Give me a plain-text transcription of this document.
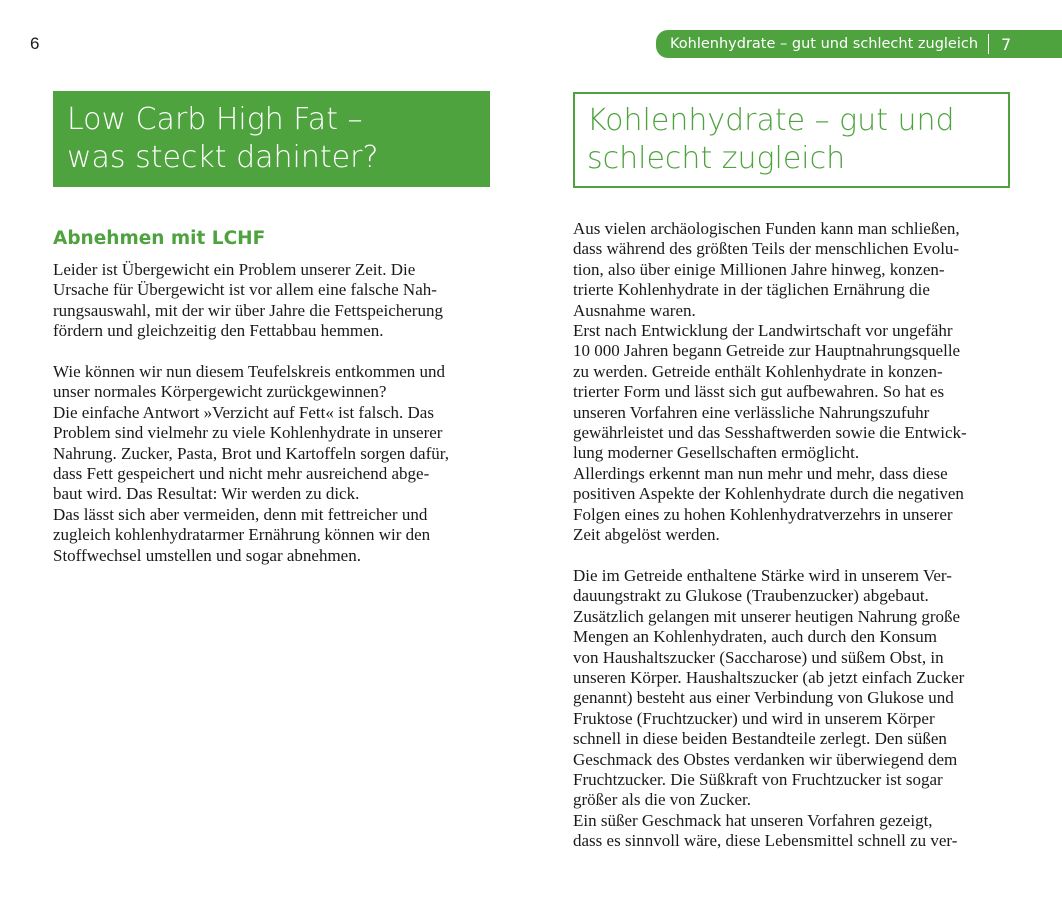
6	Kohlenhydrate – gut und schlecht zugleich	7
Low Carb High Fat –
was steckt dahinter?
Kohlenhydrate – gut und
schlecht zugleich
Abnehmen mit LCHF
Leider ist Übergewicht ein Problem unserer Zeit. Die
Ursache für Übergewicht ist vor allem eine falsche Nah-
rungsauswahl, mit der wir über Jahre die Fettspeicherung
fördern und gleichzeitig den Fettabbau hemmen.
Wie können wir nun diesem Teufelskreis entkommen und
unser normales Körpergewicht zurückgewinnen?
Die einfache Antwort »Verzicht auf Fett« ist falsch. Das
Problem sind vielmehr zu viele Kohlenhydrate in unserer
Nahrung. Zucker, Pasta, Brot und Kartoffeln sorgen dafür,
dass Fett gespeichert und nicht mehr ausreichend abge-
baut wird. Das Resultat: Wir werden zu dick.
Das lässt sich aber vermeiden, denn mit fettreicher und
zugleich kohlenhydratarmer Ernährung können wir den
Stoffwechsel umstellen und sogar abnehmen.
Aus vielen archäologischen Funden kann man schließen,
dass während des größten Teils der menschlichen Evolu-
tion, also über einige Millionen Jahre hinweg, konzen-
trierte Kohlenhydrate in der täglichen Ernährung die
Ausnahme waren.
Erst nach Entwicklung der Landwirtschaft vor ungefähr
10 000 Jahren begann Getreide zur Hauptnahrungsquelle
zu werden. Getreide enthält Kohlenhydrate in konzen-
trierter Form und lässt sich gut aufbewahren. So hat es
unseren Vorfahren eine verlässliche Nahrungszufuhr
gewährleistet und das Sesshaftwerden sowie die Entwick-
lung moderner Gesellschaften ermöglicht.
Allerdings erkennt man nun mehr und mehr, dass diese
positiven Aspekte der Kohlenhydrate durch die negativen
Folgen eines zu hohen Kohlenhydratverzehrs in unserer
Zeit abgelöst werden.
Die im Getreide enthaltene Stärke wird in unserem Ver-
dauungstrakt zu Glukose (Traubenzucker) abgebaut.
Zusätzlich gelangen mit unserer heutigen Nahrung große
Mengen an Kohlenhydraten, auch durch den Konsum
von Haushaltszucker (Saccharose) und süßem Obst, in
unseren Körper. Haushaltszucker (ab jetzt einfach Zucker
genannt) besteht aus einer Verbindung von Glukose und
Fruktose (Fruchtzucker) und wird in unserem Körper
schnell in diese beiden Bestandteile zerlegt. Den süßen
Geschmack des Obstes verdanken wir überwiegend dem
Fruchtzucker. Die Süßkraft von Fruchtzucker ist sogar
größer als die von Zucker.
Ein süßer Geschmack hat unseren Vorfahren gezeigt,
dass es sinnvoll wäre, diese Lebensmittel schnell zu ver-
